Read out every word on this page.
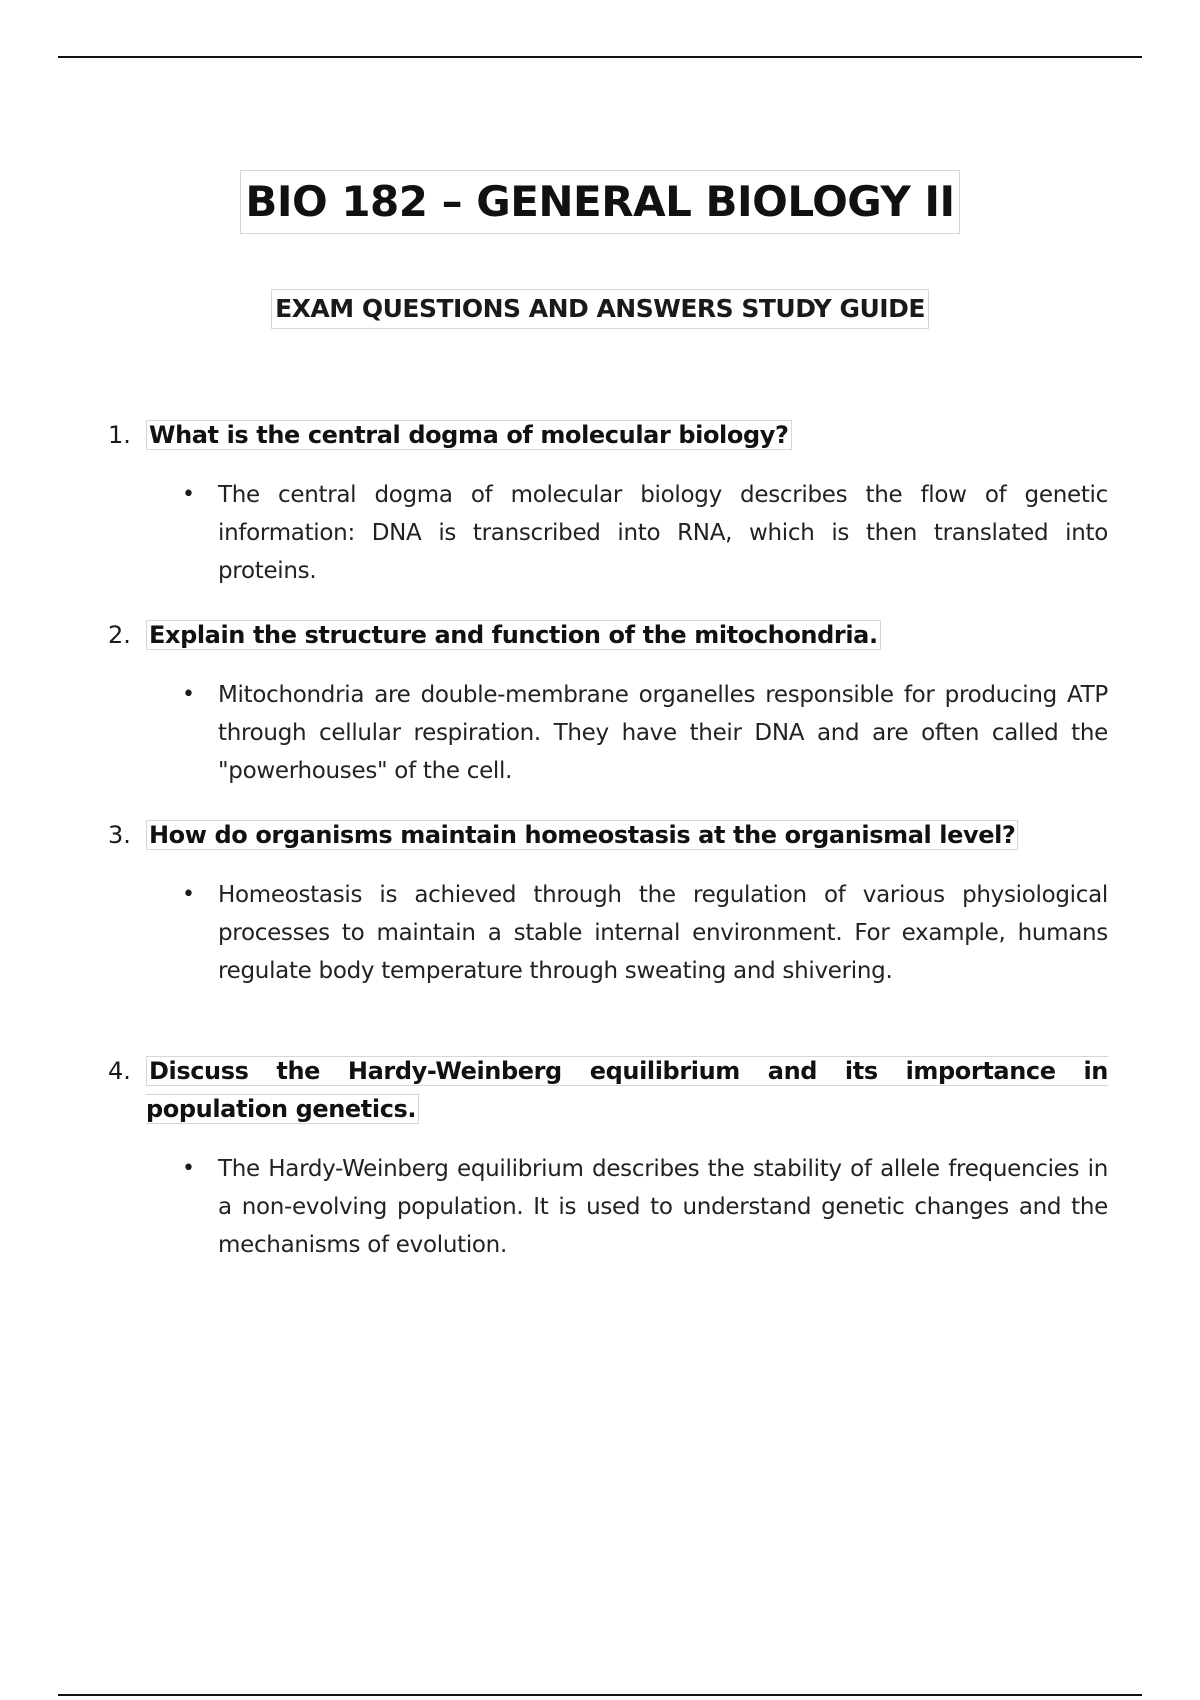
BIO 182 – GENERAL BIOLOGY II
EXAM QUESTIONS AND ANSWERS STUDY GUIDE
1. What is the central dogma of molecular biology?
•	The central dogma of molecular biology describes the flow of genetic information: DNA is transcribed into RNA, which is then translated into proteins.
2. Explain the structure and function of the mitochondria.
•	Mitochondria are double-membrane organelles responsible for producing ATP through cellular respiration. They have their DNA and are often called the "powerhouses" of the cell.
3. How do organisms maintain homeostasis at the organismal level?
•	Homeostasis is achieved through the regulation of various physiological processes to maintain a stable internal environment. For example, humans regulate body temperature through sweating and shivering.
4. Discuss the Hardy-Weinberg equilibrium and its importance in population genetics.
•	The Hardy-Weinberg equilibrium describes the stability of allele frequencies in a non-evolving population. It is used to understand genetic changes and the mechanisms of evolution.
